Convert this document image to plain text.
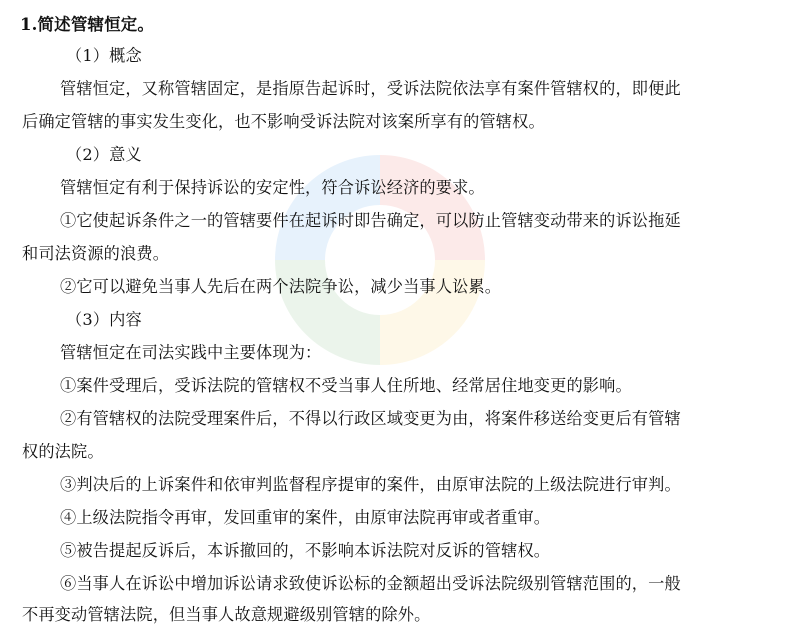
1.简述管辖恒定。
（1）概念
管辖恒定，又称管辖固定，是指原告起诉时，受诉法院依法享有案件管辖权的，即便此
后确定管辖的事实发生变化，也不影响受诉法院对该案所享有的管辖权。
（2）意义
管辖恒定有利于保持诉讼的安定性，符合诉讼经济的要求。
①它使起诉条件之一的管辖要件在起诉时即告确定，可以防止管辖变动带来的诉讼拖延
和司法资源的浪费。
②它可以避免当事人先后在两个法院争讼，减少当事人讼累。
（3）内容
管辖恒定在司法实践中主要体现为：
①案件受理后，受诉法院的管辖权不受当事人住所地、经常居住地变更的影响。
②有管辖权的法院受理案件后，不得以行政区域变更为由，将案件移送给变更后有管辖
权的法院。
③判决后的上诉案件和依审判监督程序提审的案件，由原审法院的上级法院进行审判。
④上级法院指令再审，发回重审的案件，由原审法院再审或者重审。
⑤被告提起反诉后，本诉撤回的，不影响本诉法院对反诉的管辖权。
⑥当事人在诉讼中增加诉讼请求致使诉讼标的金额超出受诉法院级别管辖范围的，一般
不再变动管辖法院，但当事人故意规避级别管辖的除外。
